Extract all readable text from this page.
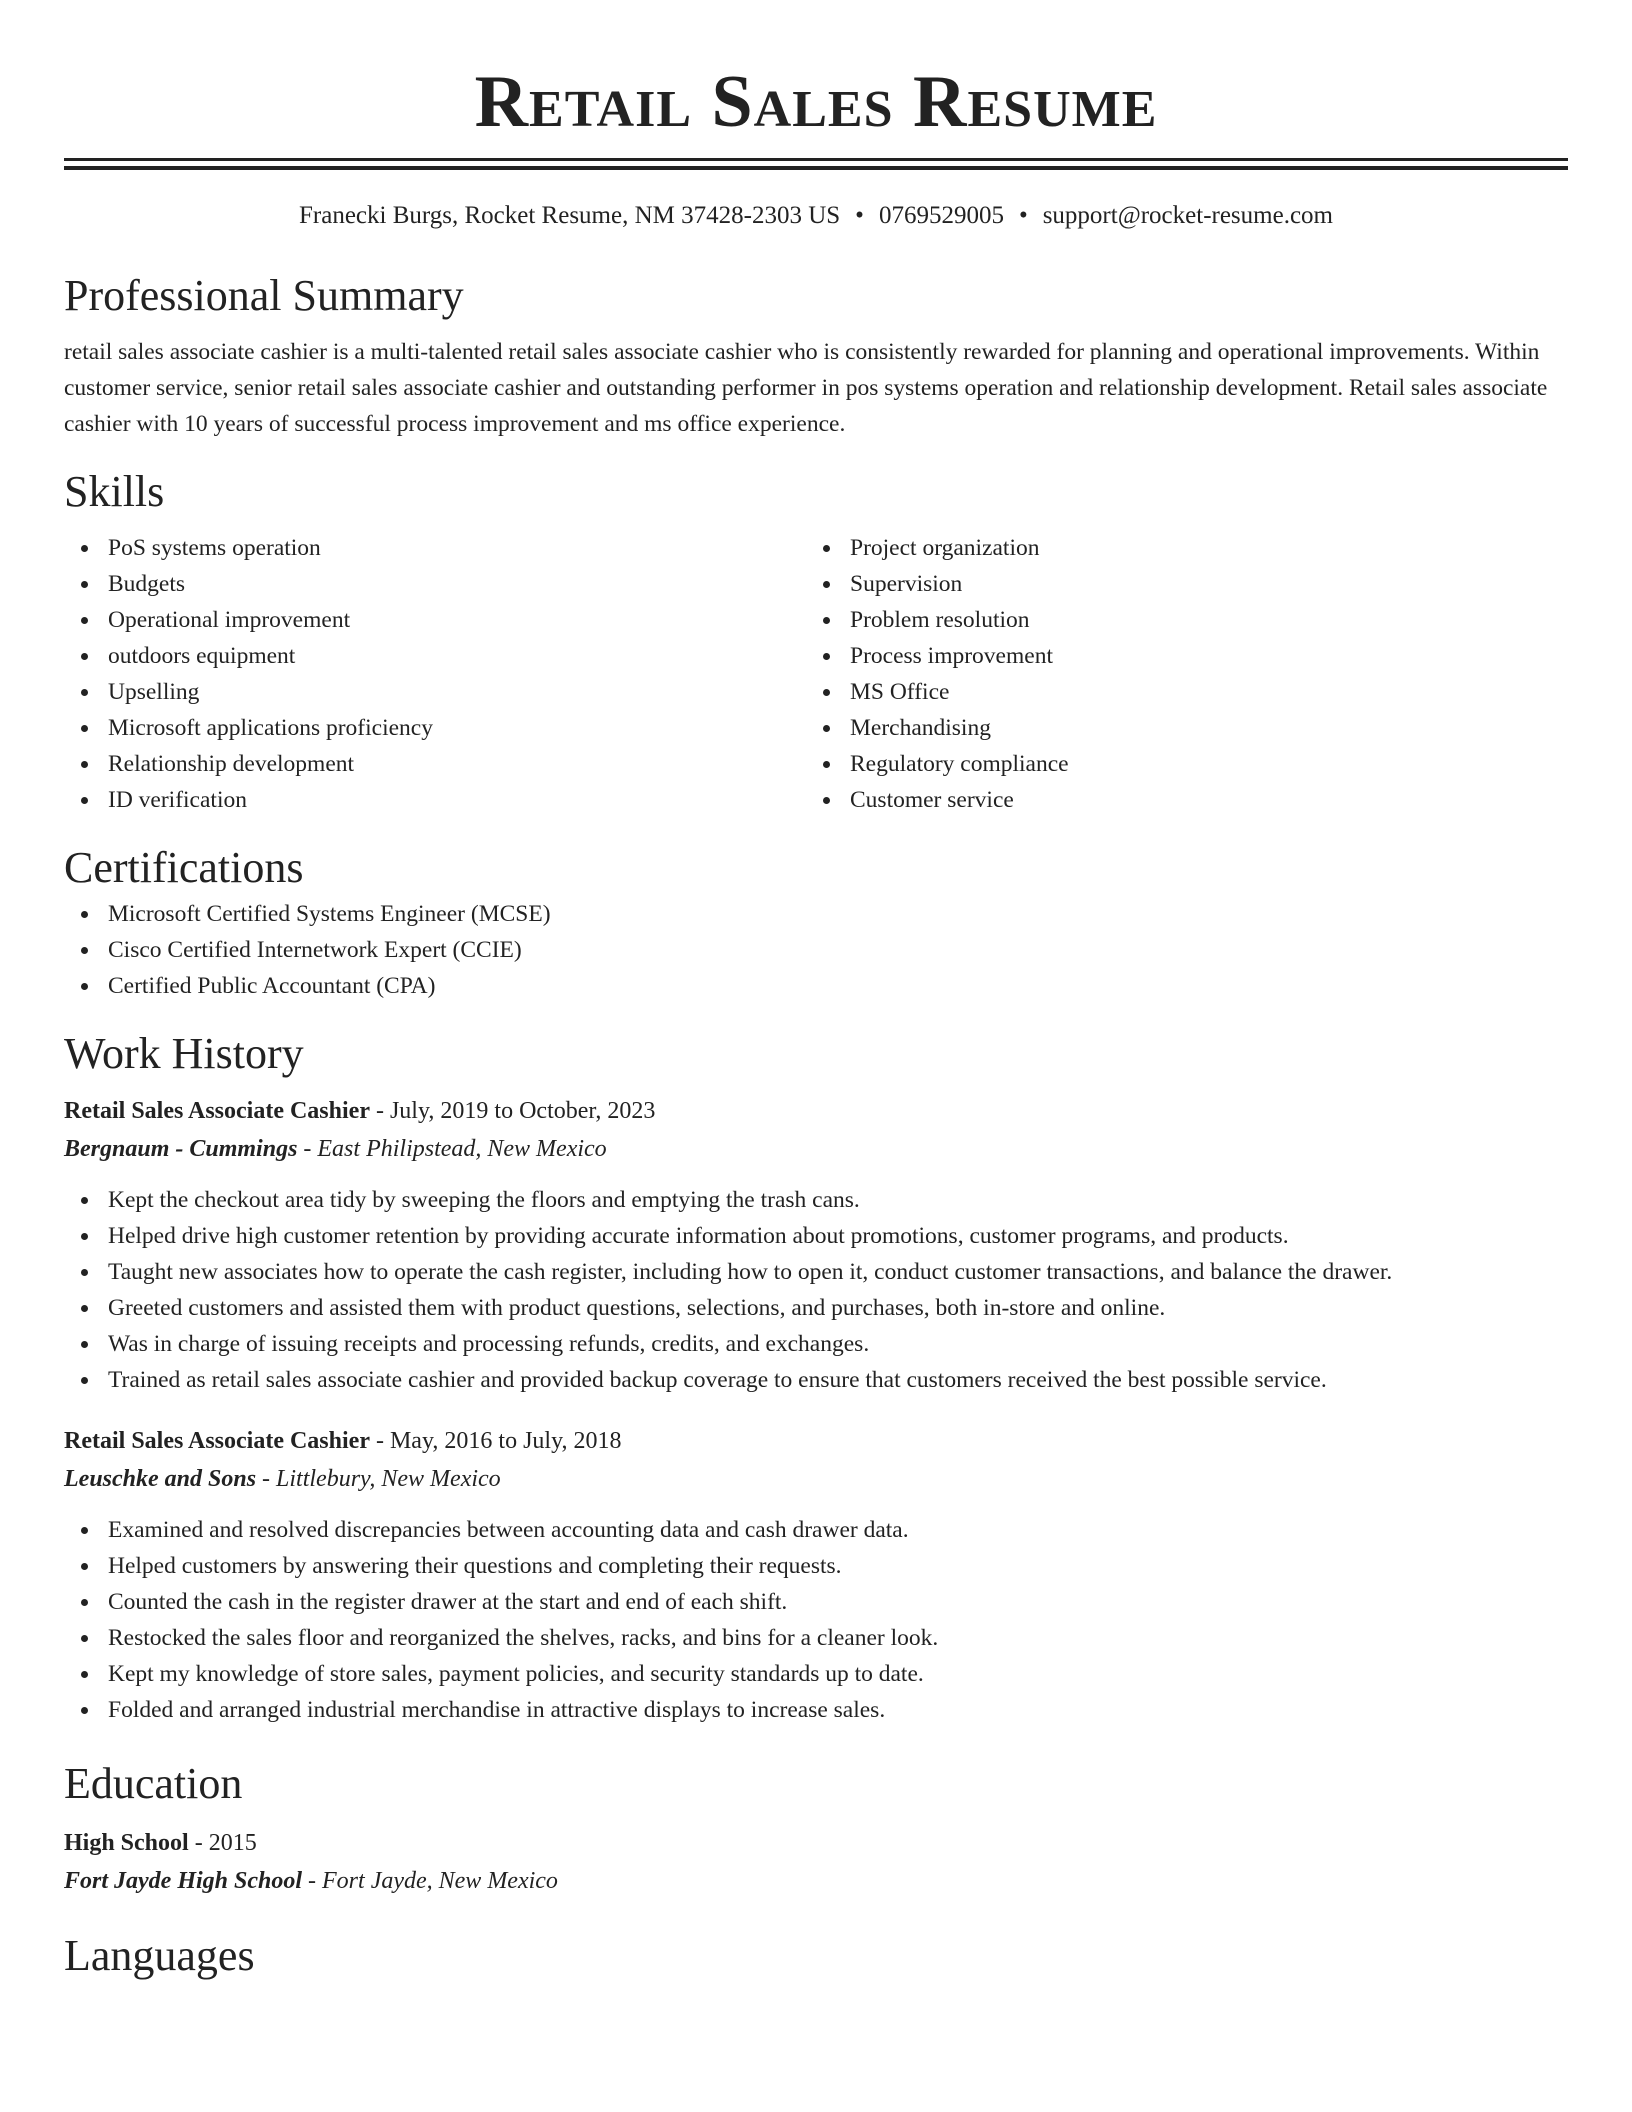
Retail Sales Resume
Franecki Burgs, Rocket Resume, NM 37428-2303 US • 0769529005 • support@rocket-resume.com
Professional Summary

retail sales associate cashier is a multi-talented retail sales associate cashier who is consistently rewarded for planning and operational improvements. Within customer service, senior retail sales associate cashier and outstanding performer in pos systems operation and relationship development. Retail sales associate cashier with 10 years of successful process improvement and ms office experience.

Skills
PoS systems operation
Budgets
Operational improvement
outdoors equipment
Upselling
Microsoft applications proficiency
Relationship development
ID verification
Project organization
Supervision
Problem resolution
Process improvement
MS Office
Merchandising
Regulatory compliance
Customer service
Certifications
Microsoft Certified Systems Engineer (MCSE)
Cisco Certified Internetwork Expert (CCIE)
Certified Public Accountant (CPA)
Work History
Retail Sales Associate Cashier - July, 2019 to October, 2023
Bergnaum - Cummings - East Philipstead, New Mexico
Kept the checkout area tidy by sweeping the floors and emptying the trash cans.
Helped drive high customer retention by providing accurate information about promotions, customer programs, and products.
Taught new associates how to operate the cash register, including how to open it, conduct customer transactions, and balance the drawer.
Greeted customers and assisted them with product questions, selections, and purchases, both in-store and online.
Was in charge of issuing receipts and processing refunds, credits, and exchanges.
Trained as retail sales associate cashier and provided backup coverage to ensure that customers received the best possible service.
Retail Sales Associate Cashier - May, 2016 to July, 2018
Leuschke and Sons - Littlebury, New Mexico
Examined and resolved discrepancies between accounting data and cash drawer data.
Helped customers by answering their questions and completing their requests.
Counted the cash in the register drawer at the start and end of each shift.
Restocked the sales floor and reorganized the shelves, racks, and bins for a cleaner look.
Kept my knowledge of store sales, payment policies, and security standards up to date.
Folded and arranged industrial merchandise in attractive displays to increase sales.
Education
High School - 2015
Fort Jayde High School - Fort Jayde, New Mexico
Languages
